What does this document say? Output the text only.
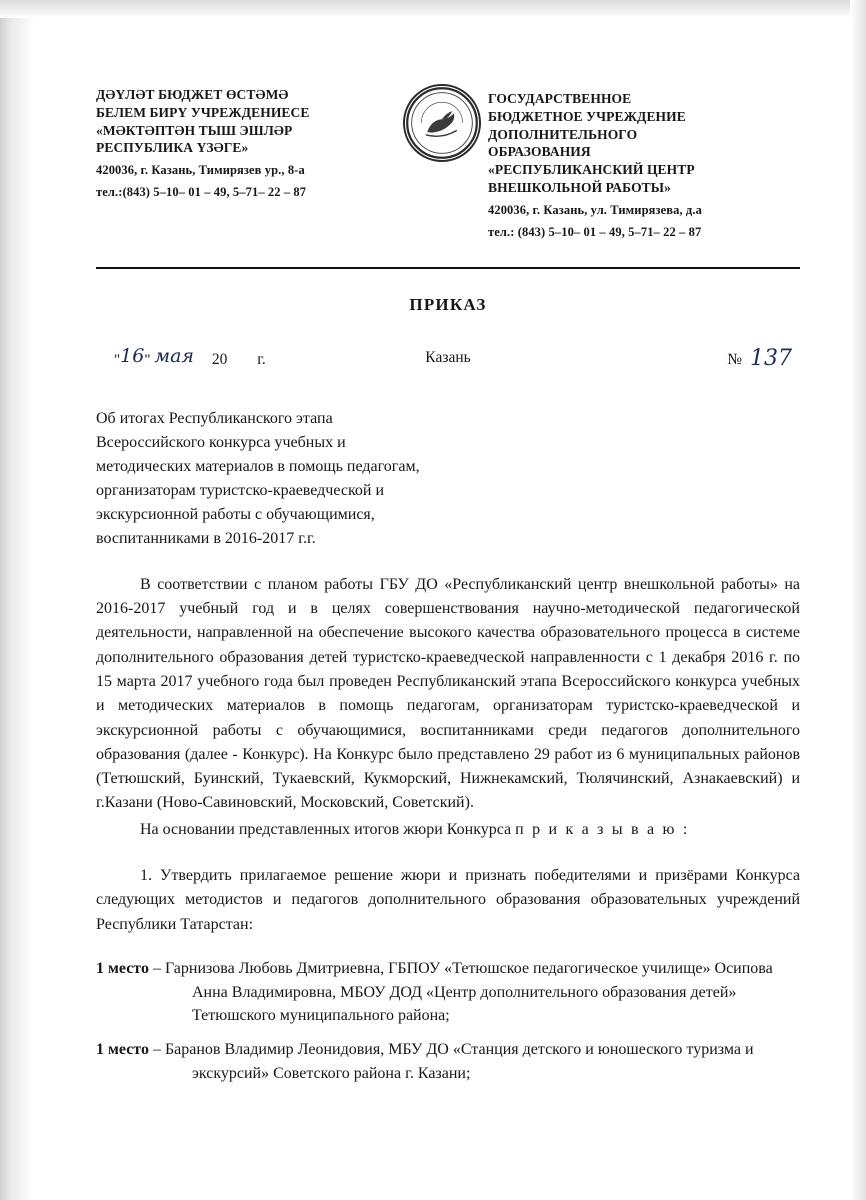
ДӘҮЛӘТ БЮДЖЕТ ӨСТӘМӘ
БЕЛЕМ БИРҮ УЧРЕЖДЕНИЕСЕ
«МӘКТӘПТӘН ТЫШ ЭШЛӘР
РЕСПУБЛИКА ҮЗӘГЕ»
420036, г. Казань, Тимирязев ур., 8-а
тел.:(843) 5–10– 01 – 49, 5–71– 22 – 87
ГОСУДАРСТВЕННОЕ
БЮДЖЕТНОЕ УЧРЕЖДЕНИЕ
ДОПОЛНИТЕЛЬНОГО
ОБРАЗОВАНИЯ
«РЕСПУБЛИКАНСКИЙ ЦЕНТР
ВНЕШКОЛЬНОЙ РАБОТЫ»
420036, г. Казань, ул. Тимирязева, д.а
тел.: (843) 5–10– 01 – 49, 5–71– 22 – 87
ПРИКАЗ
"16" мая 20 г.	Казань	№ 137
Об итогах Республиканского этапа
Всероссийского конкурса учебных и
методических материалов в помощь педагогам,
организаторам туристско-краеведческой и
экскурсионной работы с обучающимися,
воспитанниками в 2016-2017 г.г.
В соответствии с планом работы ГБУ ДО «Республиканский центр внешкольной работы» на 2016-2017 учебный год и в целях совершенствования научно-методической педагогической деятельности, направленной на обеспечение высокого качества образовательного процесса в системе дополнительного образования детей туристско-краеведческой направленности с 1 декабря 2016 г. по 15 марта 2017 учебного года был проведен Республиканский этапа Всероссийского конкурса учебных и методических материалов в помощь педагогам, организаторам туристско-краеведческой и экскурсионной работы с обучающимися, воспитанниками среди педагогов дополнительного образования (далее - Конкурс). На Конкурс было представлено 29 работ из 6 муниципальных районов (Тетюшский, Буинский, Тукаевский, Кукморский, Нижнекамский, Тюлячинский, Азнакаевский) и г.Казани (Ново-Савиновский, Московский, Советский).
На основании представленных итогов жюри Конкурса п р и к а з ы в а ю :
1. Утвердить прилагаемое решение жюри и признать победителями и призёрами Конкурса следующих методистов и педагогов дополнительного образования образовательных учреждений Республики Татарстан:
1 место – Гарнизова Любовь Дмитриевна, ГБПОУ «Тетюшское педагогическое училище» Осипова Анна Владимировна, МБОУ ДОД «Центр дополнительного образования детей» Тетюшского муниципального района;
1 место – Баранов Владимир Леонидовия, МБУ ДО «Станция детского и юношеского туризма и экскурсий» Советского района г. Казани;
